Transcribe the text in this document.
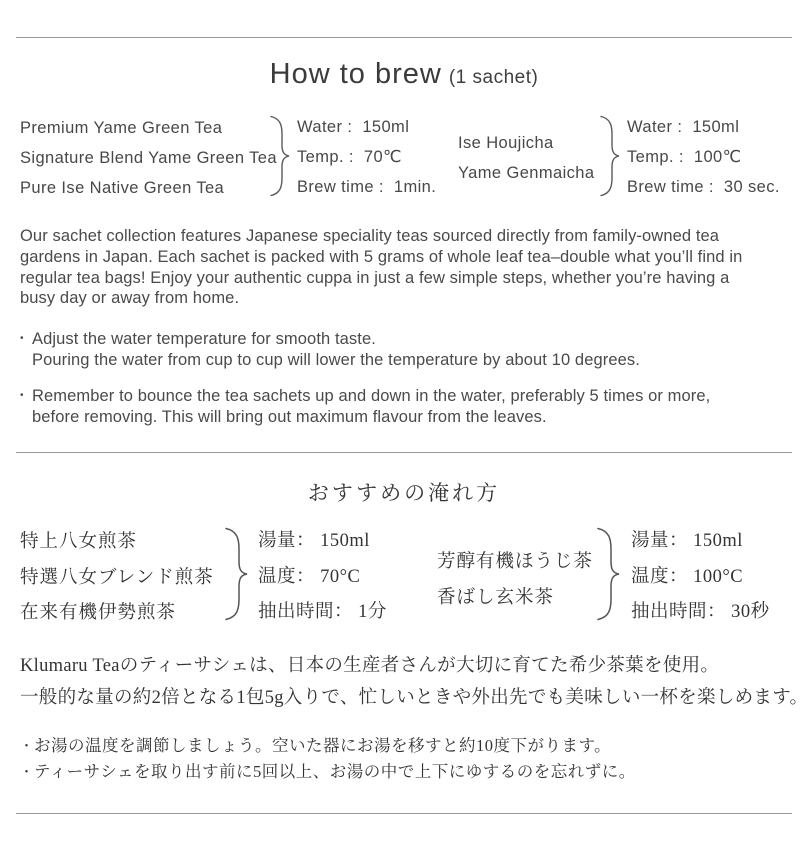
How to brew (1 sachet)
Premium Yame Green Tea
Signature Blend Yame Green Tea
Pure Ise Native Green Tea
Water :  150ml
Temp. :  70℃
Brew time :  1min.
Ise Houjicha
Yame Genmaicha
Water :  150ml
Temp. :  100℃
Brew time :  30 sec.
Our sachet collection features Japanese speciality teas sourced directly from family-owned tea
gardens in Japan. Each sachet is packed with 5 grams of whole leaf tea–double what you’ll find in
regular tea bags! Enjoy your authentic cuppa in just a few simple steps, whether you’re having a
busy day or away from home.
• Adjust the water temperature for smooth taste.
Pouring the water from cup to cup will lower the temperature by about 10 degrees.
• Remember to bounce the tea sachets up and down in the water, preferably 5 times or more,
before removing. This will bring out maximum flavour from the leaves.
おすすめの淹れ方
特上八女煎茶
特選八女ブレンド煎茶
在来有機伊勢煎茶
湯量： 150ml
温度： 70°C
抽出時間： 1分
芳醇有機ほうじ茶
香ばし玄米茶
湯量： 150ml
温度： 100°C
抽出時間： 30秒
Klumaru Teaのティーサシェは、日本の生産者さんが大切に育てた希少茶葉を使用。
一般的な量の約2倍となる1包5g入りで、忙しいときや外出先でも美味しい一杯を楽しめます。
・ お湯の温度を調節しましょう。空いた器にお湯を移すと約10度下がります。
・ ティーサシェを取り出す前に5回以上、お湯の中で上下にゆするのを忘れずに。
